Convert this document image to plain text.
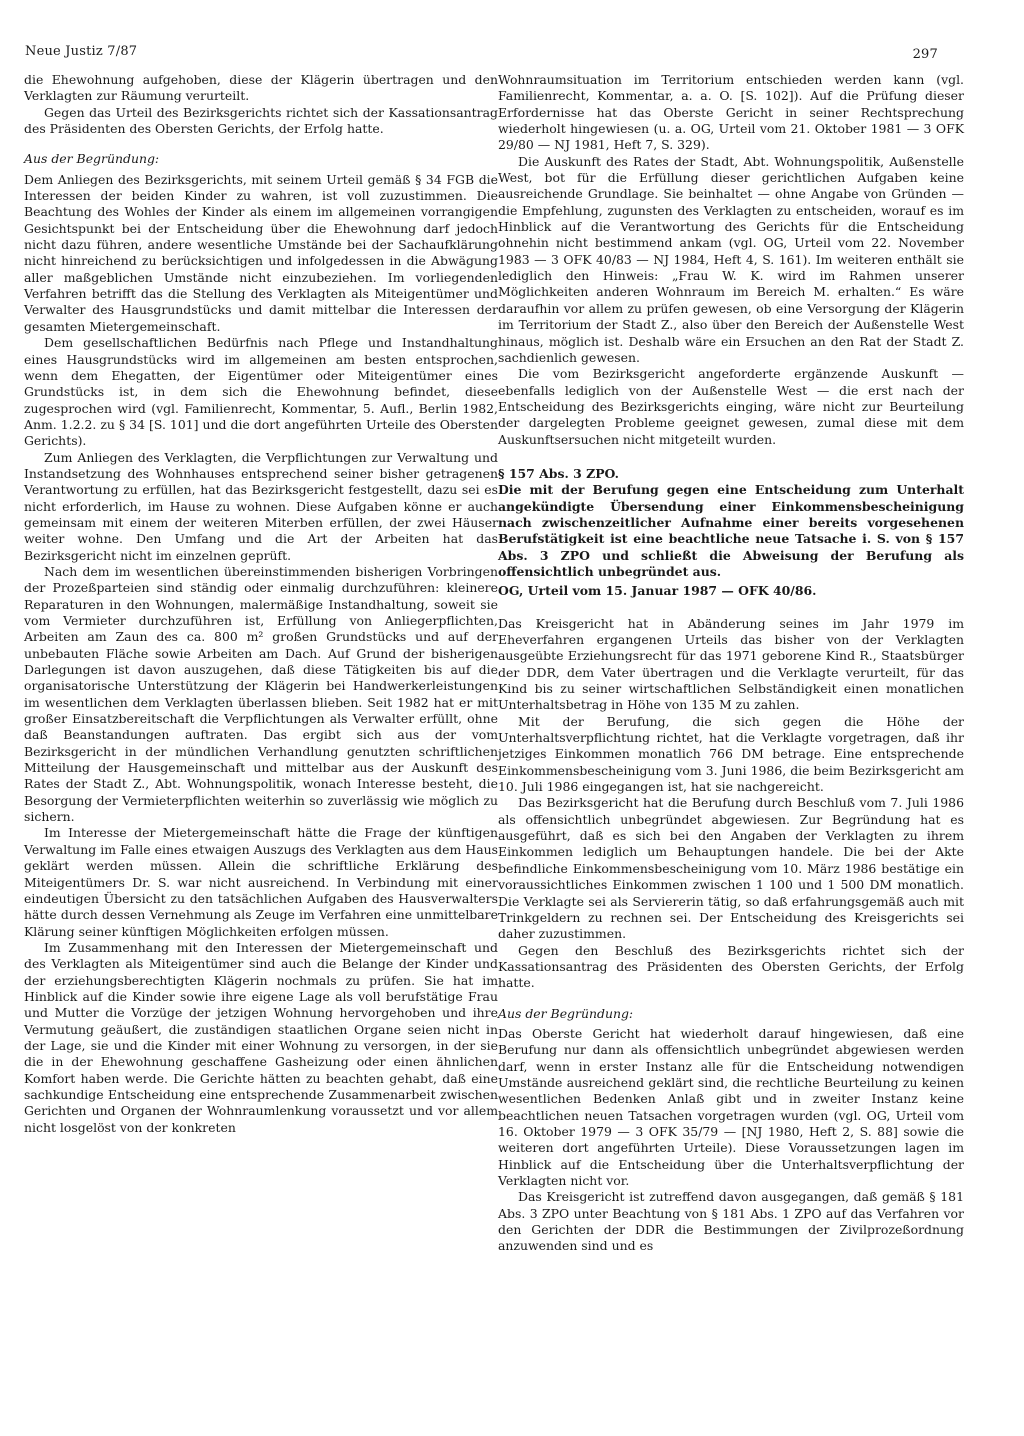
Neue Justiz 7/87	297

die Ehewohnung aufgehoben, diese der Klägerin übertragen und den Verklagten zur Räumung verurteilt.

Gegen das Urteil des Bezirksgerichts richtet sich der Kassationsantrag des Präsidenten des Obersten Gerichts, der Erfolg hatte.

Aus der Begründung:

Dem Anliegen des Bezirksgerichts, mit seinem Urteil gemäß § 34 FGB die Interessen der beiden Kinder zu wahren, ist voll zuzustimmen. Die Beachtung des Wohles der Kinder als einem im allgemeinen vorrangigen Gesichtspunkt bei der Entscheidung über die Ehewohnung darf jedoch nicht dazu führen, andere wesentliche Umstände bei der Sachaufklärung nicht hinreichend zu berücksichtigen und infolgedessen in die Abwägung aller maßgeblichen Umstände nicht einzubeziehen. Im vorliegenden Verfahren betrifft das die Stellung des Verklagten als Miteigentümer und Verwalter des Hausgrundstücks und damit mittelbar die Interessen der gesamten Mietergemeinschaft.

Dem gesellschaftlichen Bedürfnis nach Pflege und Instandhaltung eines Hausgrundstücks wird im allgemeinen am besten entsprochen, wenn dem Ehegatten, der Eigentümer oder Miteigentümer eines Grundstücks ist, in dem sich die Ehewohnung befindet, diese zugesprochen wird (vgl. Familienrecht, Kommentar, 5. Aufl., Berlin 1982, Anm. 1.2.2. zu § 34 [S. 101] und die dort angeführten Urteile des Obersten Gerichts).

Zum Anliegen des Verklagten, die Verpflichtungen zur Verwaltung und Instandsetzung des Wohnhauses entsprechend seiner bisher getragenen Verantwortung zu erfüllen, hat das Bezirksgericht festgestellt, dazu sei es nicht erforderlich, im Hause zu wohnen. Diese Aufgaben könne er auch gemeinsam mit einem der weiteren Miterben erfüllen, der zwei Häuser weiter wohne. Den Umfang und die Art der Arbeiten hat das Bezirksgericht nicht im einzelnen geprüft.

Nach dem im wesentlichen übereinstimmenden bisherigen Vorbringen der Prozeßparteien sind ständig oder einmalig durchzuführen: kleinere Reparaturen in den Wohnungen, malermäßige Instandhaltung, soweit sie vom Vermieter durchzuführen ist, Erfüllung von Anliegerpflichten, Arbeiten am Zaun des ca. 800 m² großen Grundstücks und auf der unbebauten Fläche sowie Arbeiten am Dach. Auf Grund der bisherigen Darlegungen ist davon auszugehen, daß diese Tätigkeiten bis auf die organisatorische Unterstützung der Klägerin bei Handwerkerleistungen im wesentlichen dem Verklagten überlassen blieben. Seit 1982 hat er mit großer Einsatzbereitschaft die Verpflichtungen als Verwalter erfüllt, ohne daß Beanstandungen auftraten. Das ergibt sich aus der vom Bezirksgericht in der mündlichen Verhandlung genutzten schriftlichen Mitteilung der Hausgemeinschaft und mittelbar aus der Auskunft des Rates der Stadt Z., Abt. Wohnungspolitik, wonach Interesse besteht, die Besorgung der Vermieterpflichten weiterhin so zuverlässig wie möglich zu sichern.

Im Interesse der Mietergemeinschaft hätte die Frage der künftigen Verwaltung im Falle eines etwaigen Auszugs des Verklagten aus dem Haus geklärt werden müssen. Allein die schriftliche Erklärung des Miteigentümers Dr. S. war nicht ausreichend. In Verbindung mit einer eindeutigen Übersicht zu den tatsächlichen Aufgaben des Hausverwalters hätte durch dessen Vernehmung als Zeuge im Verfahren eine unmittelbare Klärung seiner künftigen Möglichkeiten erfolgen müssen.

Im Zusammenhang mit den Interessen der Mietergemeinschaft und des Verklagten als Miteigentümer sind auch die Belange der Kinder und der erziehungsberechtigten Klägerin nochmals zu prüfen. Sie hat im Hinblick auf die Kinder sowie ihre eigene Lage als voll berufstätige Frau und Mutter die Vorzüge der jetzigen Wohnung hervorgehoben und ihre Vermutung geäußert, die zuständigen staatlichen Organe seien nicht in der Lage, sie und die Kinder mit einer Wohnung zu versorgen, in der sie die in der Ehewohnung geschaffene Gasheizung oder einen ähnlichen Komfort haben werde. Die Gerichte hätten zu beachten gehabt, daß eine sachkundige Entscheidung eine entsprechende Zusammenarbeit zwischen Gerichten und Organen der Wohnraumlenkung voraussetzt und vor allem nicht losgelöst von der konkreten

Wohnraumsituation im Territorium entschieden werden kann (vgl. Familienrecht, Kommentar, a. a. O. [S. 102]). Auf die Prüfung dieser Erfordernisse hat das Oberste Gericht in seiner Rechtsprechung wiederholt hingewiesen (u. a. OG, Urteil vom 21. Oktober 1981 — 3 OFK 29/80 — NJ 1981, Heft 7, S. 329).

Die Auskunft des Rates der Stadt, Abt. Wohnungspolitik, Außenstelle West, bot für die Erfüllung dieser gerichtlichen Aufgaben keine ausreichende Grundlage. Sie beinhaltet — ohne Angabe von Gründen — die Empfehlung, zugunsten des Verklagten zu entscheiden, worauf es im Hinblick auf die Verantwortung des Gerichts für die Entscheidung ohnehin nicht bestimmend ankam (vgl. OG, Urteil vom 22. November 1983 — 3 OFK 40/83 — NJ 1984, Heft 4, S. 161). Im weiteren enthält sie lediglich den Hinweis: „Frau W. K. wird im Rahmen unserer Möglichkeiten anderen Wohnraum im Bereich M. erhalten.“ Es wäre daraufhin vor allem zu prüfen gewesen, ob eine Versorgung der Klägerin im Territorium der Stadt Z., also über den Bereich der Außenstelle West hinaus, möglich ist. Deshalb wäre ein Ersuchen an den Rat der Stadt Z. sachdienlich gewesen.

Die vom Bezirksgericht angeforderte ergänzende Auskunft — ebenfalls lediglich von der Außenstelle West — die erst nach der Entscheidung des Bezirksgerichts einging, wäre nicht zur Beurteilung der dargelegten Probleme geeignet gewesen, zumal diese mit dem Auskunftsersuchen nicht mitgeteilt wurden.

§ 157 Abs. 3 ZPO.

Die mit der Berufung gegen eine Entscheidung zum Unterhalt angekündigte Übersendung einer Einkommensbescheinigung nach zwischenzeitlicher Aufnahme einer bereits vorgesehenen Berufstätigkeit ist eine beachtliche neue Tatsache i. S. von § 157 Abs. 3 ZPO und schließt die Abweisung der Berufung als offensichtlich unbegründet aus.

OG, Urteil vom 15. Januar 1987 — OFK 40/86.

Das Kreisgericht hat in Abänderung seines im Jahr 1979 im Eheverfahren ergangenen Urteils das bisher von der Verklagten ausgeübte Erziehungsrecht für das 1971 geborene Kind R., Staatsbürger der DDR, dem Vater übertragen und die Verklagte verurteilt, für das Kind bis zu seiner wirtschaftlichen Selbständigkeit einen monatlichen Unterhaltsbetrag in Höhe von 135 M zu zahlen.

Mit der Berufung, die sich gegen die Höhe der Unterhaltsverpflichtung richtet, hat die Verklagte vorgetragen, daß ihr jetziges Einkommen monatlich 766 DM betrage. Eine entsprechende Einkommensbescheinigung vom 3. Juni 1986, die beim Bezirksgericht am 10. Juli 1986 eingegangen ist, hat sie nachgereicht.

Das Bezirksgericht hat die Berufung durch Beschluß vom 7. Juli 1986 als offensichtlich unbegründet abgewiesen. Zur Begründung hat es ausgeführt, daß es sich bei den Angaben der Verklagten zu ihrem Einkommen lediglich um Behauptungen handele. Die bei der Akte befindliche Einkommensbescheinigung vom 10. März 1986 bestätige ein voraussichtliches Einkommen zwischen 1 100 und 1 500 DM monatlich. Die Verklagte sei als Serviererin tätig, so daß erfahrungsgemäß auch mit Trinkgeldern zu rechnen sei. Der Entscheidung des Kreisgerichts sei daher zuzustimmen.

Gegen den Beschluß des Bezirksgerichts richtet sich der Kassationsantrag des Präsidenten des Obersten Gerichts, der Erfolg hatte.

Aus der Begründung:

Das Oberste Gericht hat wiederholt darauf hingewiesen, daß eine Berufung nur dann als offensichtlich unbegründet abgewiesen werden darf, wenn in erster Instanz alle für die Entscheidung notwendigen Umstände ausreichend geklärt sind, die rechtliche Beurteilung zu keinen wesentlichen Bedenken Anlaß gibt und in zweiter Instanz keine beachtlichen neuen Tatsachen vorgetragen wurden (vgl. OG, Urteil vom 16. Oktober 1979 — 3 OFK 35/79 — [NJ 1980, Heft 2, S. 88] sowie die weiteren dort angeführten Urteile). Diese Voraussetzungen lagen im Hinblick auf die Entscheidung über die Unterhaltsverpflichtung der Verklagten nicht vor.

Das Kreisgericht ist zutreffend davon ausgegangen, daß gemäß § 181 Abs. 3 ZPO unter Beachtung von § 181 Abs. 1 ZPO auf das Verfahren vor den Gerichten der DDR die Bestimmungen der Zivilprozeßordnung anzuwenden sind und es
